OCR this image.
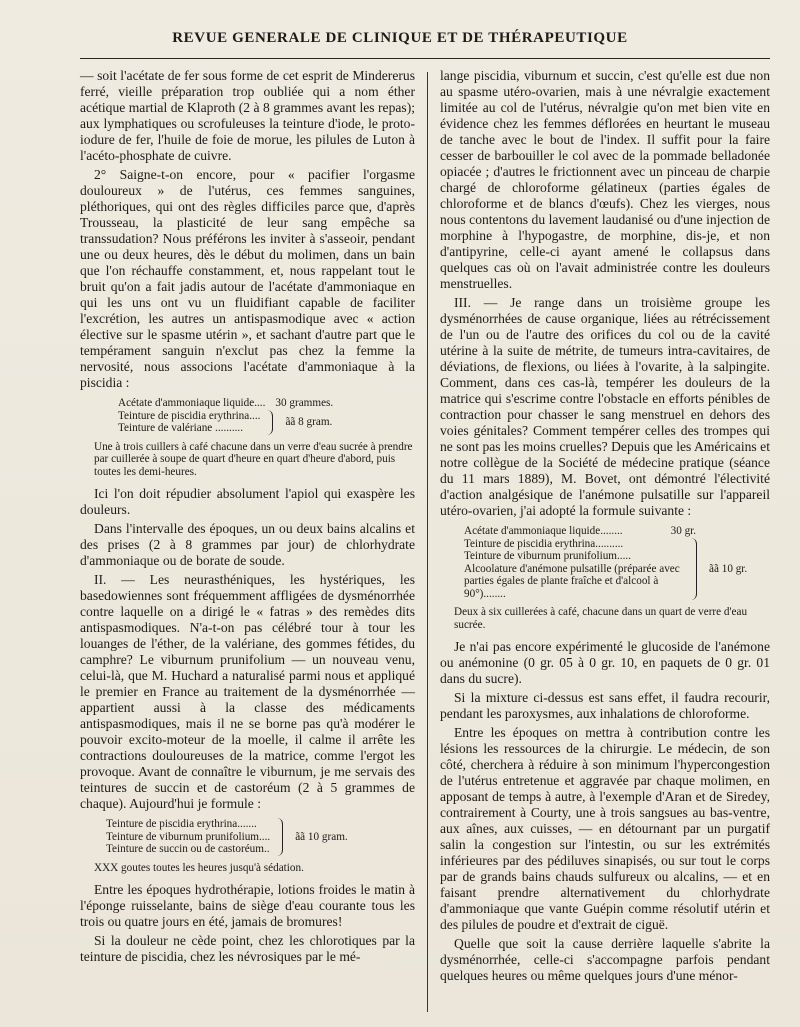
REVUE GENERALE DE CLINIQUE ET DE THÉRAPEUTIQUE

— soit l'acétate de fer sous forme de cet esprit de Mindererus ferré, vieille préparation trop oubliée qui a nom éther acétique martial de Klaproth (2 à 8 grammes avant les repas); aux lymphatiques ou scrofuleuses la teinture d'iode, le proto-iodure de fer, l'huile de foie de morue, les pilules de Luton à l'acéto-phosphate de cuivre.

2° Saigne-t-on encore, pour « pacifier l'orgasme douloureux » de l'utérus, ces femmes sanguines, pléthoriques, qui ont des règles difficiles parce que, d'après Trousseau, la plasticité de leur sang empêche sa transsudation? Nous préférons les inviter à s'asseoir, pendant une ou deux heures, dès le début du molimen, dans un bain que l'on réchauffe constamment, et, nous rappelant tout le bruit qu'on a fait jadis autour de l'acétate d'ammoniaque en qui les uns ont vu un fluidifiant capable de faciliter l'excrétion, les autres un antispasmodique avec « action élective sur le spasme utérin », et sachant d'autre part que le tempérament sanguin n'exclut pas chez la femme la nervosité, nous associons l'acétate d'ammoniaque à la piscidia :

Acétate d'ammoniaque liquide.... 30 grammes.
Teinture de piscidia erythrina....
Teinture de valériane ..........
ãã 8 gram.
Une à trois cuillers à café chacune dans un verre d'eau sucrée à prendre par cuillerée à soupe de quart d'heure en quart d'heure d'abord, puis toutes les demi-heures.

Ici l'on doit répudier absolument l'apiol qui exaspère les douleurs.

Dans l'intervalle des époques, un ou deux bains alcalins et des prises (2 à 8 grammes par jour) de chlorhydrate d'ammoniaque ou de borate de soude.

II. — Les neurasthéniques, les hystériques, les basedowiennes sont fréquemment affligées de dysménorrhée contre laquelle on a dirigé le « fatras » des remèdes dits antispasmodiques. N'a-t-on pas célébré tour à tour les louanges de l'éther, de la valériane, des gommes fétides, du camphre? Le viburnum prunifolium — un nouveau venu, celui-là, que M. Huchard a naturalisé parmi nous et appliqué le premier en France au traitement de la dysménorrhée — appartient aussi à la classe des médicaments antispasmodiques, mais il ne se borne pas qu'à modérer le pouvoir excito-moteur de la moelle, il calme il arrête les contractions douloureuses de la matrice, comme l'ergot les provoque. Avant de connaître le viburnum, je me servais des teintures de succin et de castoréum (2 à 5 grammes de chaque). Aujourd'hui je formule :

Teinture de piscidia erythrina.......
Teinture de viburnum prunifolium....
Teinture de succin ou de castoréum..
ãã 10 gram.
XXX goutes toutes les heures jusqu'à sédation.

Entre les époques hydrothérapie, lotions froides le matin à l'éponge ruisselante, bains de siège d'eau courante tous les trois ou quatre jours en été, jamais de bromures!

Si la douleur ne cède point, chez les chlorotiques par la teinture de piscidia, chez les névrosiques par le mé-

lange piscidia, viburnum et succin, c'est qu'elle est due non au spasme utéro-ovarien, mais à une névralgie exactement limitée au col de l'utérus, névralgie qu'on met bien vite en évidence chez les femmes déflorées en heurtant le museau de tanche avec le bout de l'index. Il suffit pour la faire cesser de barbouiller le col avec de la pommade belladonée opiacée ; d'autres le frictionnent avec un pinceau de charpie chargé de chloroforme gélatineux (parties égales de chloroforme et de blancs d'œufs). Chez les vierges, nous nous contentons du lavement laudanisé ou d'une injection de morphine à l'hypogastre, de morphine, dis-je, et non d'antipyrine, celle-ci ayant amené le collapsus dans quelques cas où on l'avait administrée contre les douleurs menstruelles.

III. — Je range dans un troisième groupe les dysménorrhées de cause organique, liées au rétrécissement de l'un ou de l'autre des orifices du col ou de la cavité utérine à la suite de métrite, de tumeurs intra-cavitaires, de déviations, de flexions, ou liées à l'ovarite, à la salpingite. Comment, dans ces cas-là, tempérer les douleurs de la matrice qui s'escrime contre l'obstacle en efforts pénibles de contraction pour chasser le sang menstruel en dehors des voies génitales? Comment tempérer celles des trompes qui ne sont pas les moins cruelles? Depuis que les Américains et notre collègue de la Société de médecine pratique (séance du 11 mars 1889), M. Bovet, ont démontré l'électivité d'action analgésique de l'anémone pulsatille sur l'appareil utéro-ovarien, j'ai adopté la formule suivante :

Acétate d'ammoniaque liquide........	30 gr.
Teinture de piscidia erythrina..........
Teinture de viburnum prunifolium.....
Alcoolature d'anémone pulsatille (préparée avec parties égales de plante fraîche et d'alcool à 90°)........
ãã 10 gr.
Deux à six cuillerées à café, chacune dans un quart de verre d'eau sucrée.

Je n'ai pas encore expérimenté le glucoside de l'anémone ou anémonine (0 gr. 05 à 0 gr. 10, en paquets de 0 gr. 01 dans du sucre).

Si la mixture ci-dessus est sans effet, il faudra recourir, pendant les paroxysmes, aux inhalations de chloroforme.

Entre les époques on mettra à contribution contre les lésions les ressources de la chirurgie. Le médecin, de son côté, cherchera à réduire à son minimum l'hypercongestion de l'utérus entretenue et aggravée par chaque molimen, en apposant de temps à autre, à l'exemple d'Aran et de Siredey, contrairement à Courty, une à trois sangsues au bas-ventre, aux aînes, aux cuisses, — en détournant par un purgatif salin la congestion sur l'intestin, ou sur les extrémités inférieures par des pédiluves sinapisés, ou sur tout le corps par de grands bains chauds sulfureux ou alcalins, — et en faisant prendre alternativement du chlorhydrate d'ammoniaque que vante Guépin comme résolutif utérin et des pilules de poudre et d'extrait de ciguë.

Quelle que soit la cause derrière laquelle s'abrite la dysménorrhée, celle-ci s'accompagne parfois pendant quelques heures ou même quelques jours d'une ménor-
